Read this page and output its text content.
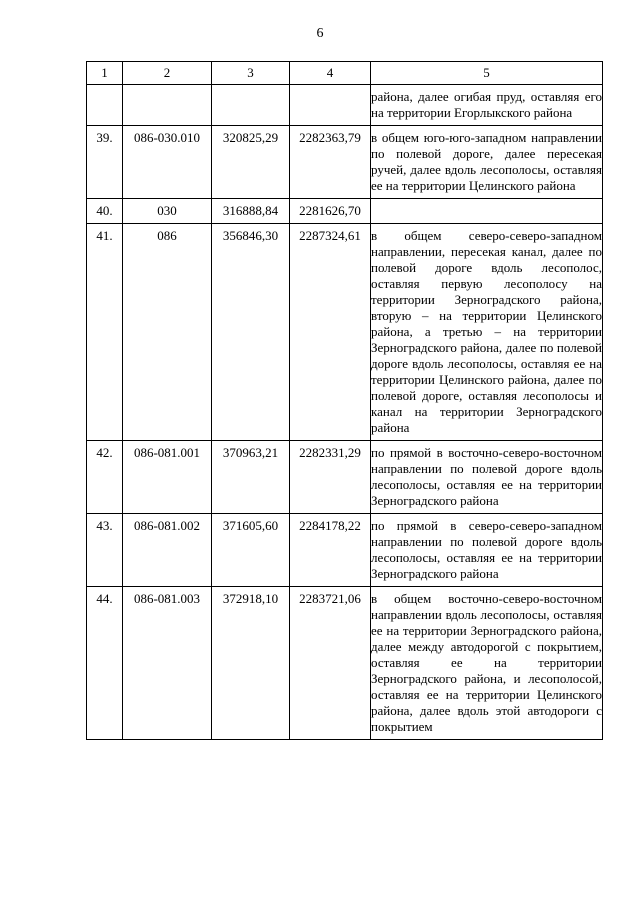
6
1	2	3	4	5

				района, далее огибая пруд, оставляя его на территории Егорлыкского района

39.	086-030.010	320825,29	2282363,79	в общем юго-юго-западном направлении по полевой дороге, далее пересекая ручей, далее вдоль лесополосы, оставляя ее на территории Целинского района

40.	030	316888,84	2281626,70	

41.	086	356846,30	2287324,61	в общем северо-северо-западном направлении, пересекая канал, далее по полевой дороге вдоль лесополос, оставляя первую лесополосу на территории Зерноградского района, вторую – на территории Целинского района, а третью – на территории Зерноградского района, далее по полевой дороге вдоль лесополосы, оставляя ее на территории Целинского района, далее по полевой дороге, оставляя лесополосы и канал на территории Зерноградского района

42.	086-081.001	370963,21	2282331,29	по прямой в восточно-северо-восточном направлении по полевой дороге вдоль лесополосы, оставляя ее на территории Зерноградского района

43.	086-081.002	371605,60	2284178,22	по прямой в северо-северо-западном направлении по полевой дороге вдоль лесополосы, оставляя ее на территории Зерноградского района

44.	086-081.003	372918,10	2283721,06	в общем восточно-северо-восточном направлении вдоль лесополосы, оставляя ее на территории Зерноградского района, далее между автодорогой с покрытием, оставляя ее на территории Зерноградского района, и лесополосой, оставляя ее на территории Целинского района, далее вдоль этой автодороги с покрытием
